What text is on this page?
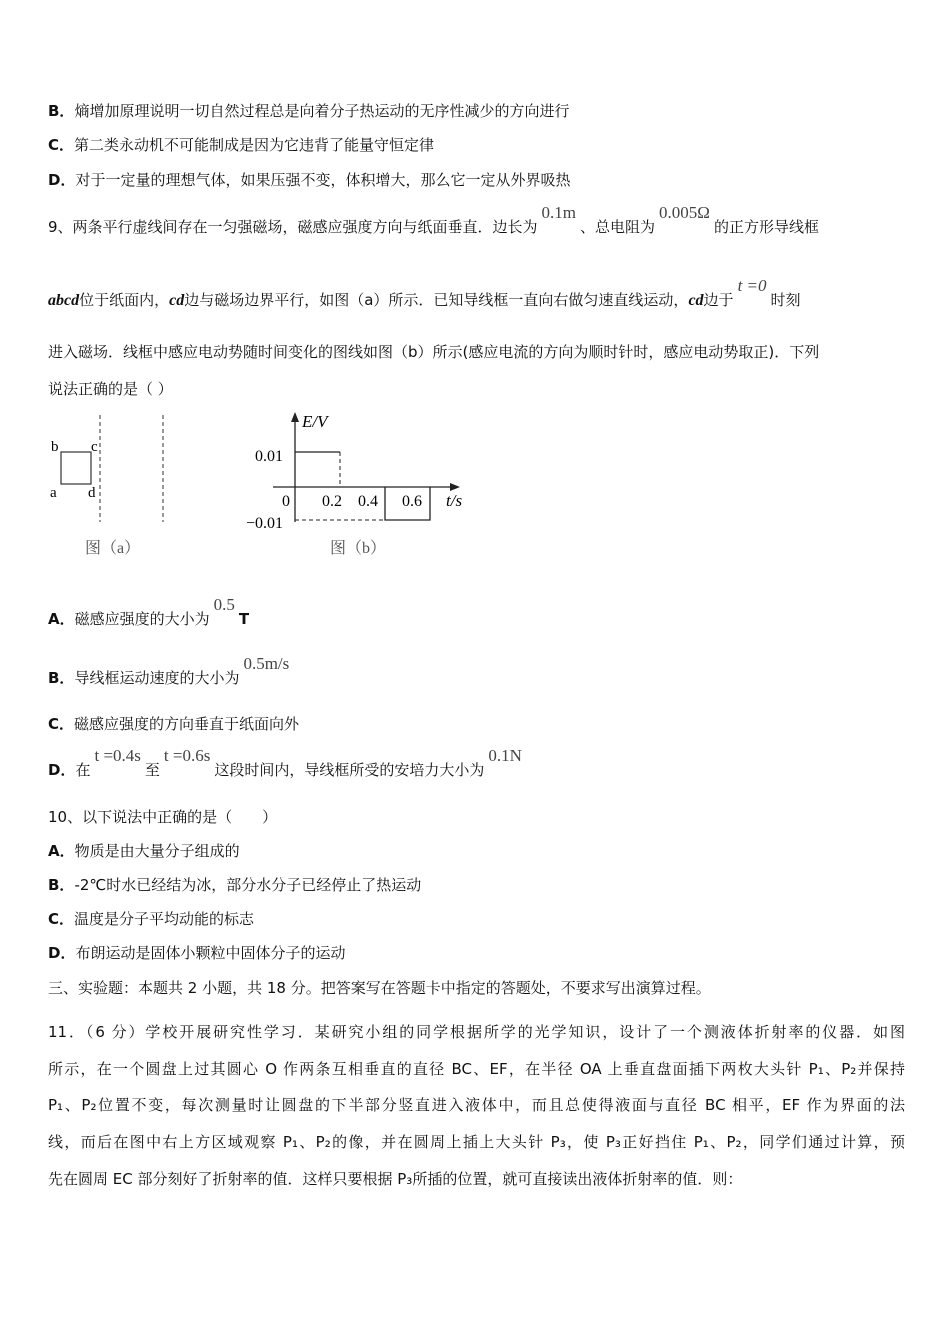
B．熵增加原理说明一切自然过程总是向着分子热运动的无序性减少的方向进行
C．第二类永动机不可能制成是因为它违背了能量守恒定律
D．对于一定量的理想气体，如果压强不变，体积增大，那么它一定从外界吸热
9、两条平行虚线间存在一匀强磁场，磁感应强度方向与纸面垂直．边长为0.1m、总电阻为0.005Ω的正方形导线框
abcd位于纸面内，cd边与磁场边界平行，如图（a）所示．已知导线框一直向右做匀速直线运动，cd边于t =0时刻
进入磁场．线框中感应电动势随时间变化的图线如图（b）所示(感应电流的方向为顺时针时，感应电动势取正)．下列
说法正确的是（ ）
b c
a d
图（a）
E/V
0.01
−0.01
0 0.2 0.4 0.6 t/s
图（b）
A．磁感应强度的大小为0.5T
B．导线框运动速度的大小为0.5m/s
C．磁感应强度的方向垂直于纸面向外
D．在t =0.4s至t =0.6s这段时间内，导线框所受的安培力大小为0.1N
10、以下说法中正确的是（　　）
A．物质是由大量分子组成的
B．-2℃时水已经结为冰，部分水分子已经停止了热运动
C．温度是分子平均动能的标志
D．布朗运动是固体小颗粒中固体分子的运动
三、实验题：本题共 2 小题，共 18 分。把答案写在答题卡中指定的答题处，不要求写出演算过程。
11．（6 分）学校开展研究性学习．某研究小组的同学根据所学的光学知识，设计了一个测液体折射率的仪器．如图
所示，在一个圆盘上过其圆心 O 作两条互相垂直的直径 BC、EF，在半径 OA 上垂直盘面插下两枚大头针 P₁、P₂并保持
P₁、P₂位置不变，每次测量时让圆盘的下半部分竖直进入液体中，而且总使得液面与直径 BC 相平，EF 作为界面的法
线，而后在图中右上方区域观察 P₁、P₂的像，并在圆周上插上大头针 P₃，使 P₃正好挡住 P₁、P₂，同学们通过计算，预
先在圆周 EC 部分刻好了折射率的值．这样只要根据 P₃所插的位置，就可直接读出液体折射率的值．则：
